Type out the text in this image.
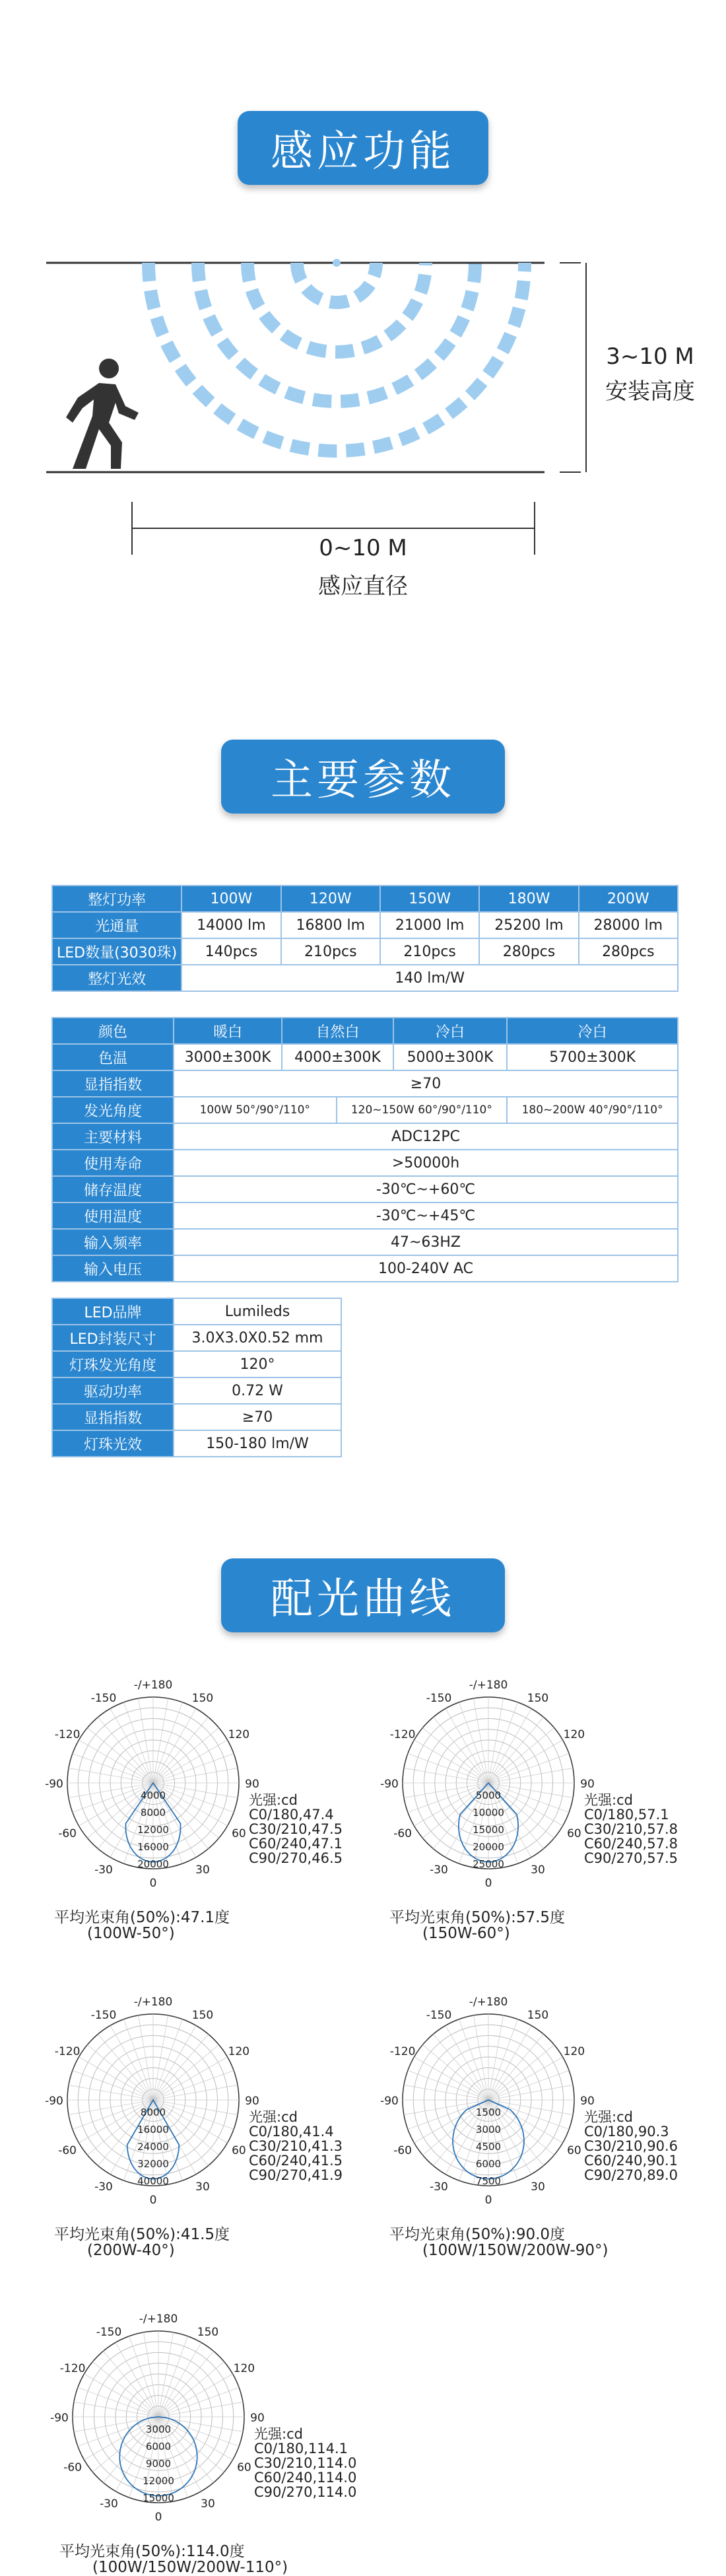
感应功能
3~10 M
安装高度
0~10 M
感应直径
主要参数
整灯功率	100W	120W	150W	180W	200W
光通量	14000 lm	16800 lm	21000 lm	25200 lm	28000 lm
LED数量(3030珠)	140pcs	210pcs	210pcs	280pcs	280pcs
整灯光效	140 lm/W				
颜色	暖白	自然白		冷白	冷白
色温	3000±300K	4000±300K		5000±300K	5700±300K
显指指数	≥70				
发光角度	100W 50°/90°/110°		120~150W 60°/90°/110°		180~200W 40°/90°/110°
主要材料	ADC12PC				
使用寿命	>50000h				
储存温度	-30℃~+60℃				
使用温度	-30℃~+45℃				
输入频率	47~63HZ				
输入电压	100-240V AC				
LED品牌	Lumileds
LED封装尺寸	3.0X3.0X0.52 mm
灯珠发光角度	120°
驱动功率	0.72 W
显指指数	≥70
灯珠光效	150-180 lm/W
配光曲线
-/+180
-150	150
-120	120
-90	90
-60	60
-30	30
0
4000
8000
12000
16000
20000
光强:cd
C0/180,47.4
C30/210,47.5
C60/240,47.1
C90/270,46.5
平均光束角(50%):47.1度
(100W-50°)
-/+180
-150	150
-120	120
-90	90
-60	60
-30	30
0
5000
10000
15000
20000
25000
光强:cd
C0/180,57.1
C30/210,57.8
C60/240,57.8
C90/270,57.5
平均光束角(50%):57.5度
(150W-60°)
-/+180
-150	150
-120	120
-90	90
-60	60
-30	30
0
8000
16000
24000
32000
40000
光强:cd
C0/180,41.4
C30/210,41.3
C60/240,41.5
C90/270,41.9
平均光束角(50%):41.5度
(200W-40°)
-/+180
-150	150
-120	120
-90	90
-60	60
-30	30
0
1500
3000
4500
6000
7500
光强:cd
C0/180,90.3
C30/210,90.6
C60/240,90.1
C90/270,89.0
平均光束角(50%):90.0度
(100W/150W/200W-90°)
-/+180
-150	150
-120	120
-90	90
-60	60
-30	30
0
3000
6000
9000
12000
15000
光强:cd
C0/180,114.1
C30/210,114.0
C60/240,114.0
C90/270,114.0
平均光束角(50%):114.0度
(100W/150W/200W-110°)
